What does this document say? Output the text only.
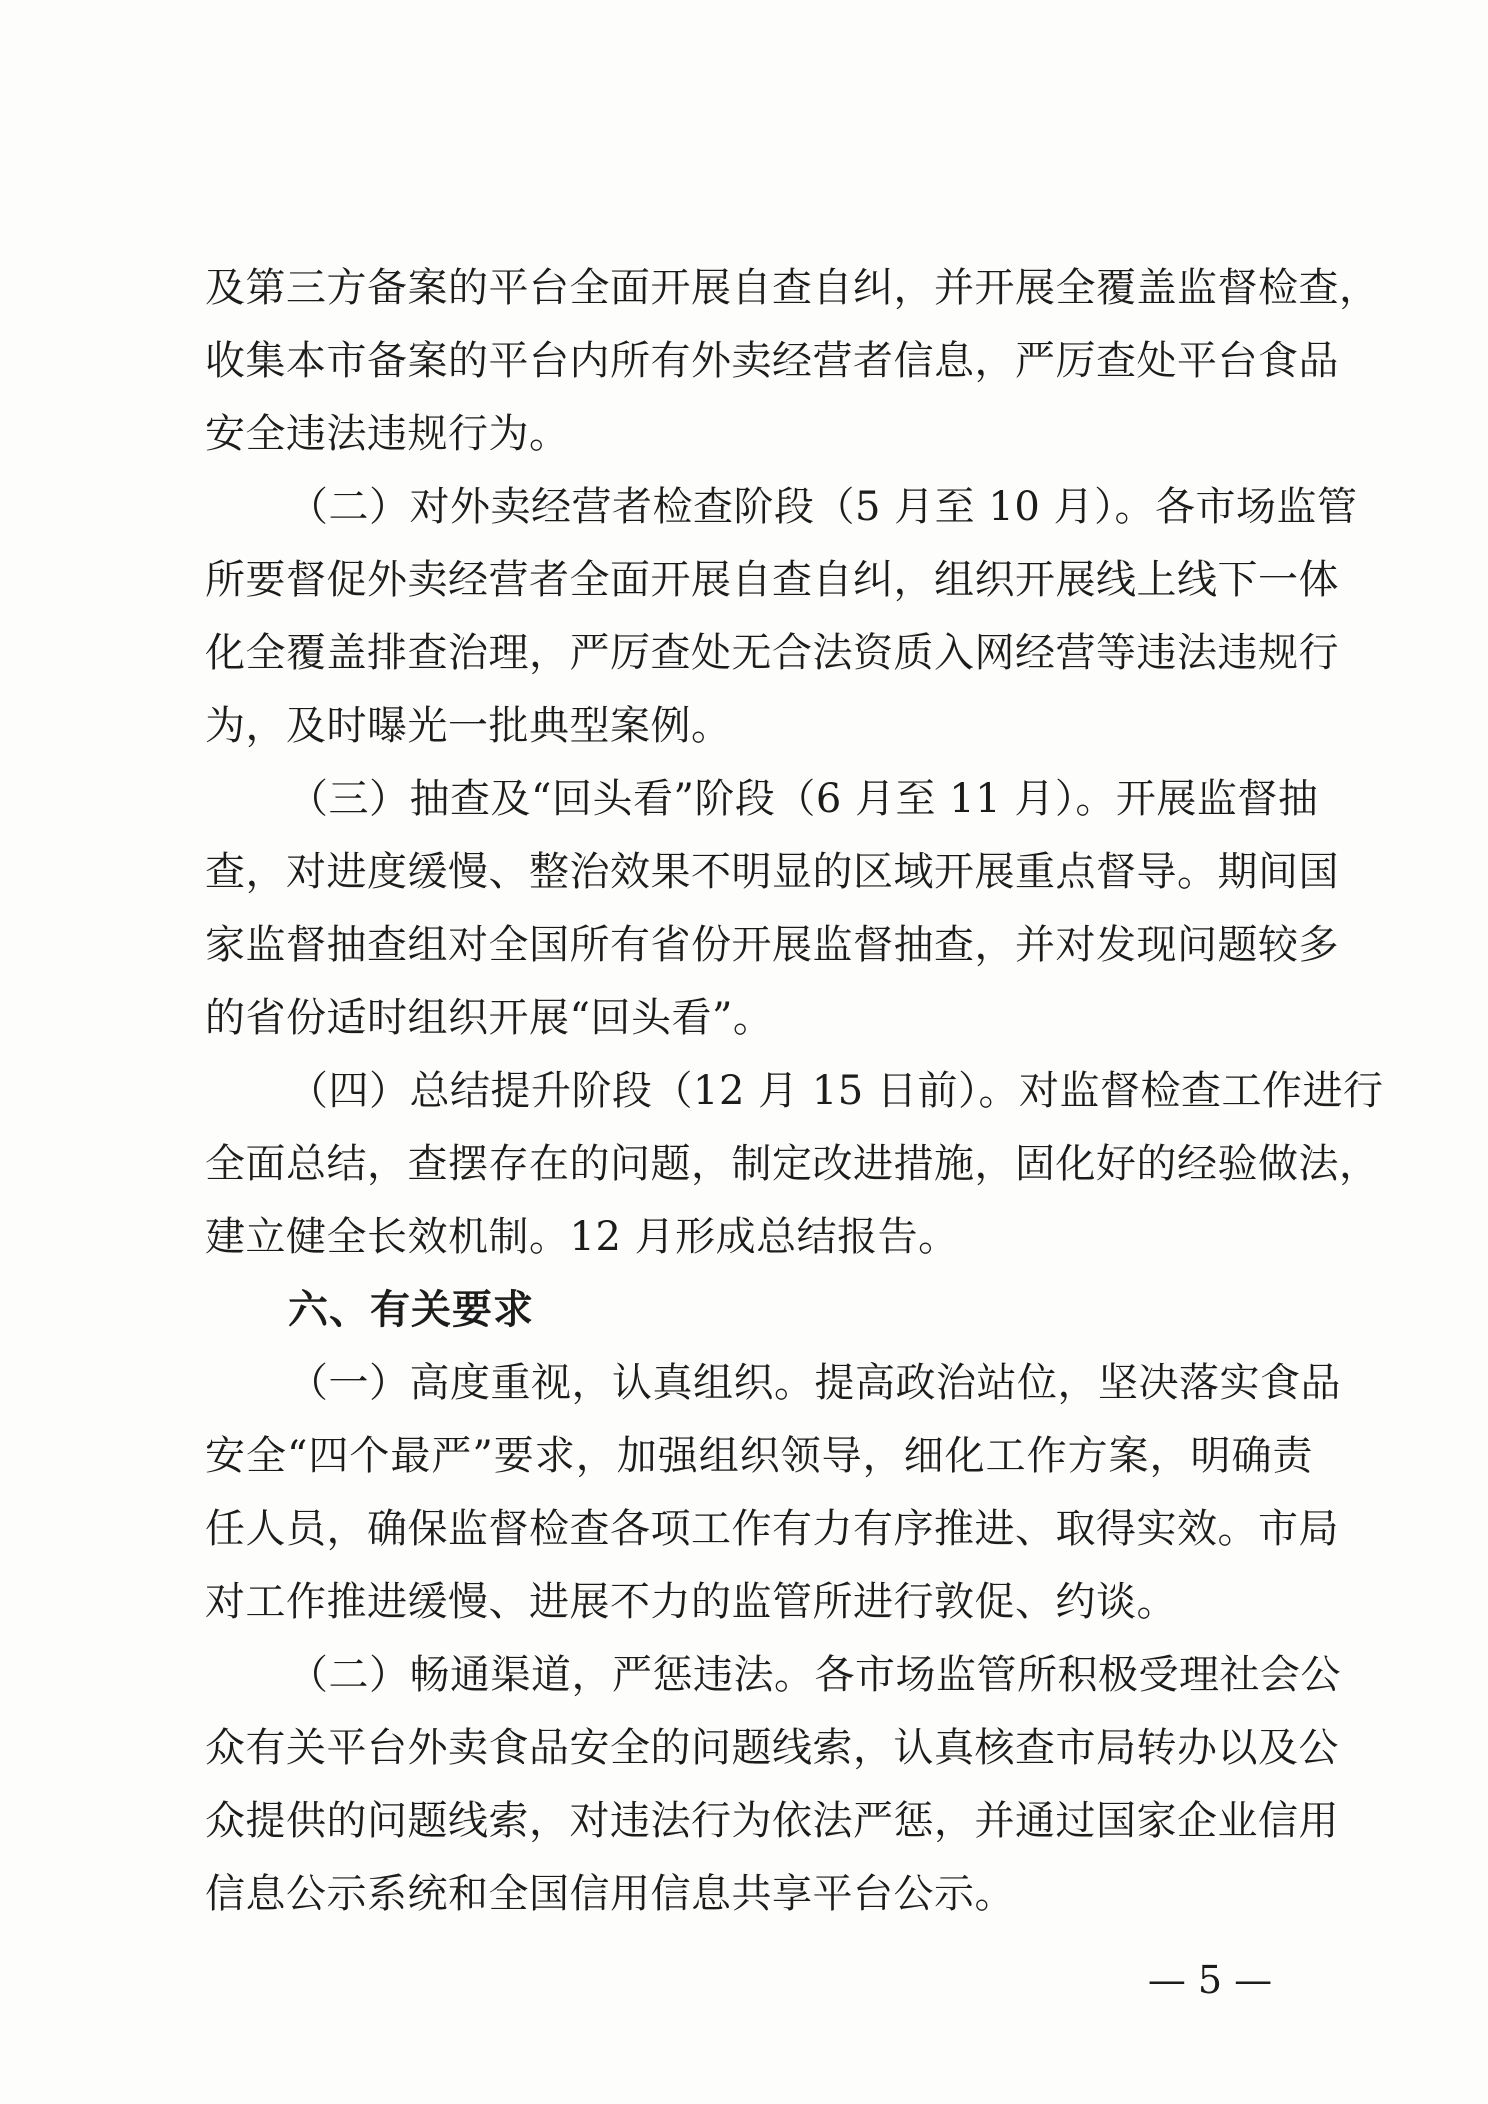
及第三方备案的平台全面开展自查自纠，并开展全覆盖监督检查，
收集本市备案的平台内所有外卖经营者信息，严厉查处平台食品
安全违法违规行为。
（二）对外卖经营者检查阶段（5 月至 10 月）。各市场监管
所要督促外卖经营者全面开展自查自纠，组织开展线上线下一体
化全覆盖排查治理，严厉查处无合法资质入网经营等违法违规行
为，及时曝光一批典型案例。
（三）抽查及“回头看”阶段（6 月至 11 月）。开展监督抽
查，对进度缓慢、整治效果不明显的区域开展重点督导。期间国
家监督抽查组对全国所有省份开展监督抽查，并对发现问题较多
的省份适时组织开展“回头看”。
（四）总结提升阶段（12 月 15 日前）。对监督检查工作进行
全面总结，查摆存在的问题，制定改进措施，固化好的经验做法，
建立健全长效机制。12 月形成总结报告。
六、有关要求
（一）高度重视，认真组织。提高政治站位，坚决落实食品
安全“四个最严”要求，加强组织领导，细化工作方案，明确责
任人员，确保监督检查各项工作有力有序推进、取得实效。市局
对工作推进缓慢、进展不力的监管所进行敦促、约谈。
（二）畅通渠道，严惩违法。各市场监管所积极受理社会公
众有关平台外卖食品安全的问题线索，认真核查市局转办以及公
众提供的问题线索，对违法行为依法严惩，并通过国家企业信用
信息公示系统和全国信用信息共享平台公示。
— 5 —
